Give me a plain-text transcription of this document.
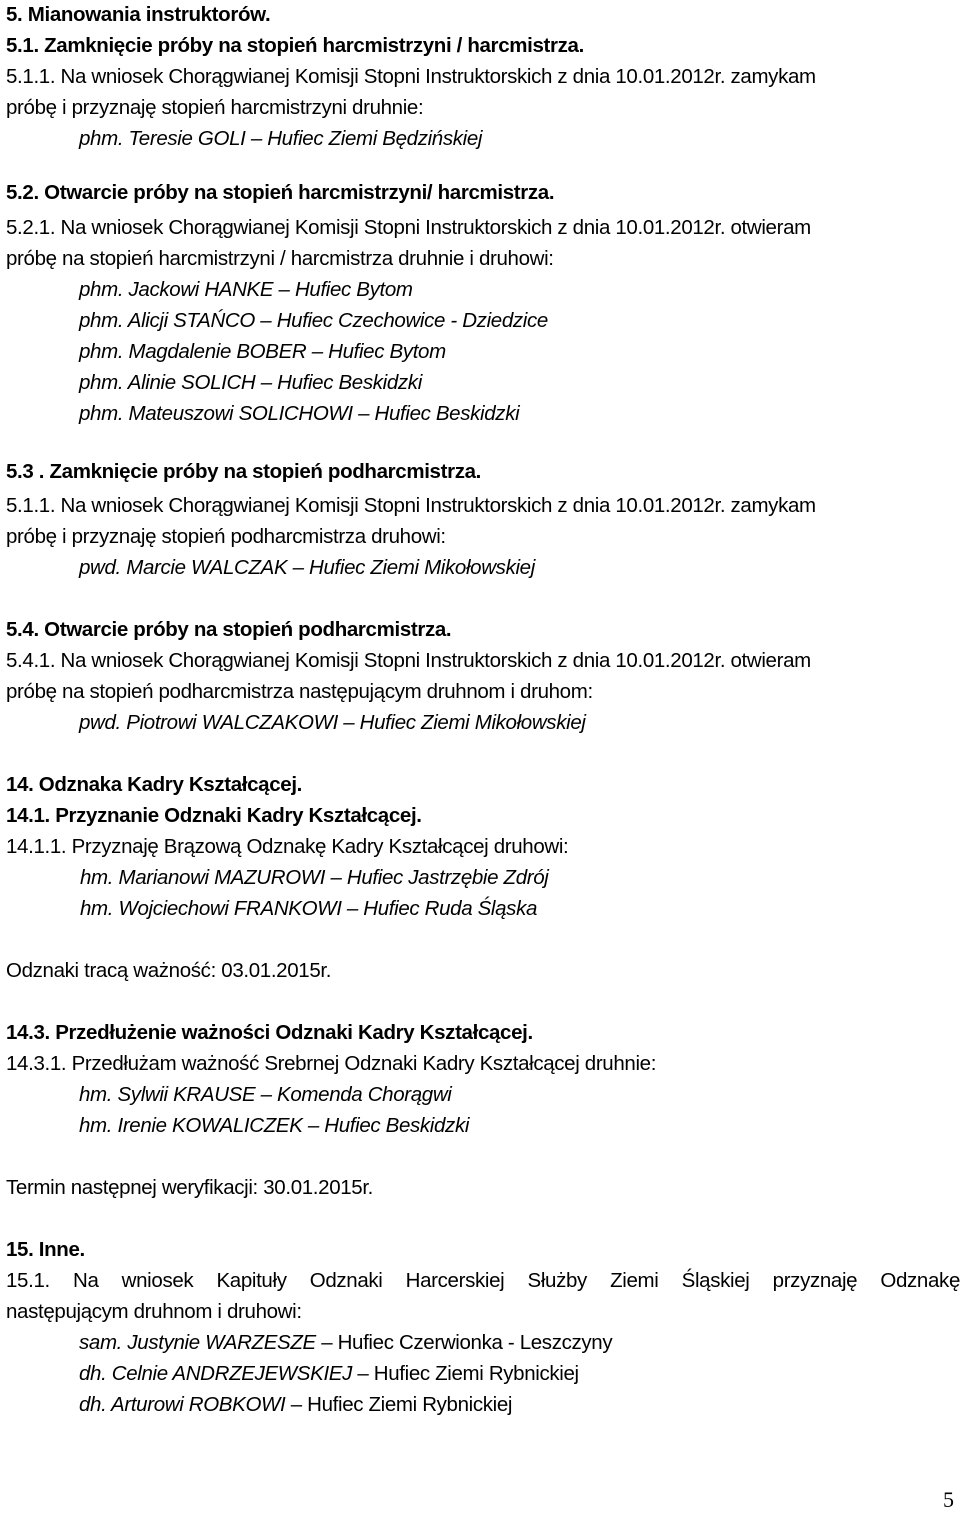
5. Mianowania instruktorów.
5.1. Zamknięcie próby na stopień harcmistrzyni / harcmistrza.
5.1.1. Na wniosek Chorągwianej Komisji Stopni Instruktorskich z dnia 10.01.2012r. zamykam
próbę i przyznaję stopień harcmistrzyni druhnie:
phm. Teresie GOLI – Hufiec Ziemi Będzińskiej
5.2. Otwarcie próby na stopień harcmistrzyni/ harcmistrza.
5.2.1. Na wniosek Chorągwianej Komisji Stopni Instruktorskich z dnia 10.01.2012r. otwieram
próbę na stopień harcmistrzyni / harcmistrza druhnie i druhowi:
phm. Jackowi HANKE – Hufiec Bytom
phm. Alicji STAŃCO – Hufiec Czechowice - Dziedzice
phm. Magdalenie BOBER – Hufiec Bytom
phm. Alinie SOLICH – Hufiec Beskidzki
phm. Mateuszowi SOLICHOWI – Hufiec Beskidzki
5.3 . Zamknięcie próby na stopień podharcmistrza.
5.1.1. Na wniosek Chorągwianej Komisji Stopni Instruktorskich z dnia 10.01.2012r. zamykam
próbę i przyznaję stopień podharcmistrza druhowi:
pwd. Marcie WALCZAK – Hufiec Ziemi Mikołowskiej
5.4. Otwarcie próby na stopień podharcmistrza.
5.4.1. Na wniosek Chorągwianej Komisji Stopni Instruktorskich z dnia 10.01.2012r. otwieram
próbę na stopień podharcmistrza następującym druhnom i druhom:
pwd. Piotrowi WALCZAKOWI – Hufiec Ziemi Mikołowskiej
14. Odznaka Kadry Kształcącej.
14.1. Przyznanie Odznaki Kadry Kształcącej.
14.1.1. Przyznaję Brązową Odznakę Kadry Kształcącej druhowi:
hm. Marianowi MAZUROWI – Hufiec Jastrzębie Zdrój
hm. Wojciechowi FRANKOWI – Hufiec Ruda Śląska
Odznaki tracą ważność: 03.01.2015r.
14.3. Przedłużenie ważności Odznaki Kadry Kształcącej.
14.3.1. Przedłużam ważność Srebrnej Odznaki Kadry Kształcącej druhnie:
hm. Sylwii KRAUSE – Komenda Chorągwi
hm. Irenie KOWALICZEK – Hufiec Beskidzki
Termin następnej weryfikacji: 30.01.2015r.
15. Inne.
15.1. Na wniosek Kapituły Odznaki Harcerskiej Służby Ziemi Śląskiej przyznaję Odznakę
następującym druhnom i druhowi:
sam. Justynie WARZESZE – Hufiec Czerwionka - Leszczyny
dh. Celnie ANDRZEJEWSKIEJ – Hufiec Ziemi Rybnickiej
dh. Arturowi ROBKOWI – Hufiec Ziemi Rybnickiej
5
